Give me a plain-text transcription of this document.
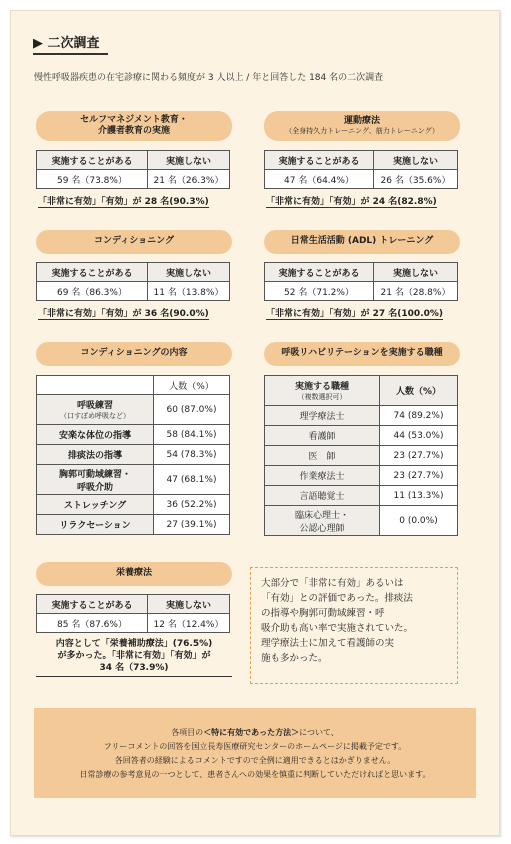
▶ 二次調査
慢性呼吸器疾患の在宅診療に関わる頻度が 3 人以上 / 年と回答した 184 名の二次調査
セルフマネジメント教育・
介護者教育の実施
実施することがある	実施しない
59 名（73.8%）	21 名（26.3%）
「非常に有効」「有効」が 28 名(90.3%)
運動療法
（全身持久力トレーニング、筋力トレーニング）
実施することがある	実施しない
47 名（64.4%）	26 名（35.6%）
「非常に有効」「有効」が 24 名(82.8%)
コンディショニング
実施することがある	実施しない
69 名（86.3%）	11 名（13.8%）
「非常に有効」「有効」が 36 名(90.0%)
日常生活活動 (ADL) トレーニング
実施することがある	実施しない
52 名（71.2%）	21 名（28.8%）
「非常に有効」「有効」が 27 名(100.0%)
コンディショニングの内容
	人数（%）

呼吸練習
（口すぼめ呼吸など）	60 (87.0%)
安楽な体位の指導	58 (84.1%)
排痰法の指導	54 (78.3%)

胸郭可動域練習・
呼吸介助	47 (68.1%)
ストレッチング	36 (52.2%)
リラクセーション	27 (39.1%)
呼吸リハビリテーションを実施する職種
実施する職種
（複数選択可）	人数（%）
理学療法士	74 (89.2%)
看護師	44 (53.0%)
医　師	23 (27.7%)
作業療法士	23 (27.7%)
言語聴覚士	11 (13.3%)

臨床心理士・
公認心理師	0 (0.0%)
栄養療法
実施することがある	実施しない
85 名（87.6%）	12 名（12.4%）
内容として「栄養補助療法」(76.5%)
が多かった。「非常に有効」「有効」が
34 名（73.9%)
大部分で「非常に有効」あるいは
「有効」との評価であった。排痰法
の指導や胸郭可動域練習・呼
吸介助も高い率で実施されていた。
理学療法士に加えて看護師の実
施も多かった。
各項目の＜特に有効であった方法＞について、
フリーコメントの回答を国立長寿医療研究センターのホームページに掲載予定です。
各回答者の経験によるコメントですので全例に適用できるとはかぎりません。
日常診療の参考意見の一つとして、患者さんへの効果を慎重に判断していただければと思います。
